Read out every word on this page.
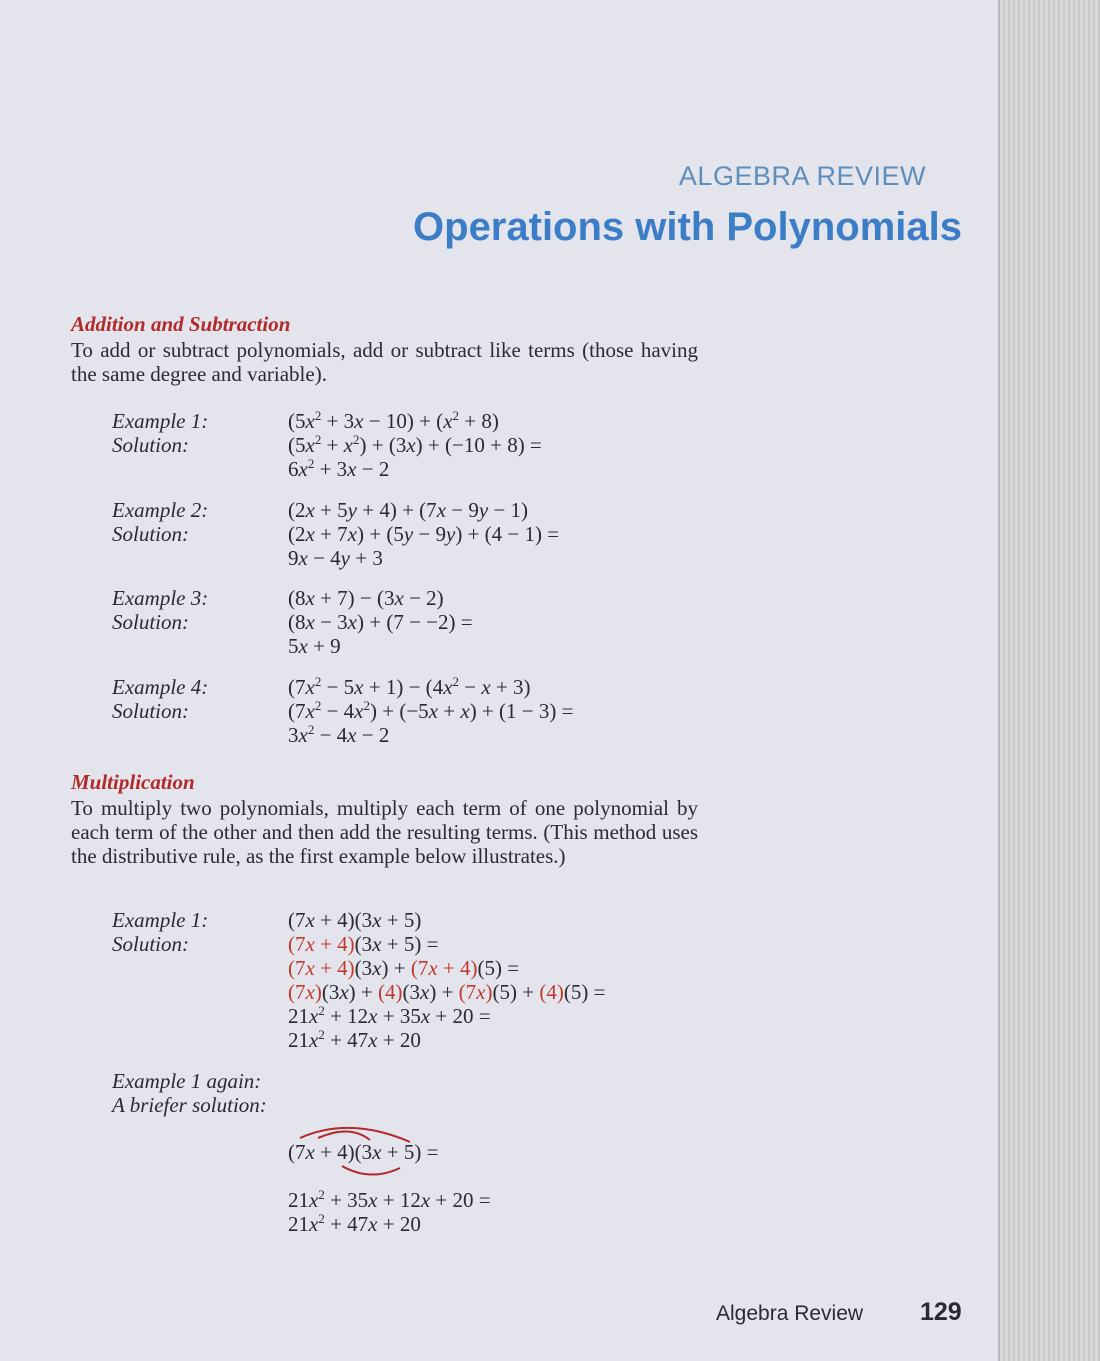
ALGEBRA REVIEW
Operations with Polynomials
Addition and Subtraction
To add or subtract polynomials, add or subtract like terms (those having the same degree and variable).
Example 1:	$(5x^2 + 3x - 10) + (x^2 + 8)$
Solution:	$(5x^2 + x^2) + (3x) + (-10 + 8)$ =
$6x^2 + 3x - 2$
Example 2:	(2x + 5y + 4) + (7x − 9y − 1)
Solution:	(2x + 7x) + (5y − 9y) + (4 − 1) =
9x − 4y + 3
Example 3:	(8x + 7) − (3x − 2)
Solution:	(8x − 3x) + (7 − −2) =
5x + 9
Example 4:	$(7x^2 - 5x + 1) - (4x^2 - x + 3)$
Solution:	$(7x^2 - 4x^2) + (-5x + x) + (1 - 3)$ =
$3x^2 - 4x - 2$
Multiplication
To multiply two polynomials, multiply each term of one polynomial by each term of the other and then add the resulting terms. (This method uses the distributive rule, as the first example below illustrates.)
Example 1:	(7x + 4)(3x + 5)
Solution:	(7x + 4)(3x + 5) =
(7x + 4)(3x) + (7x + 4)(5) =
(7x)(3x) + (4)(3x) + (7x)(5) + (4)(5) =
$21x^2 + 12x + 35x + 20$ =
$21x^2 + 47x + 20$
Example 1 again:
A briefer solution:
(7x + 4)(3x + 5) =
$21x^2 + 35x + 12x + 20$ =
$21x^2 + 47x + 20$
Algebra Review 129
